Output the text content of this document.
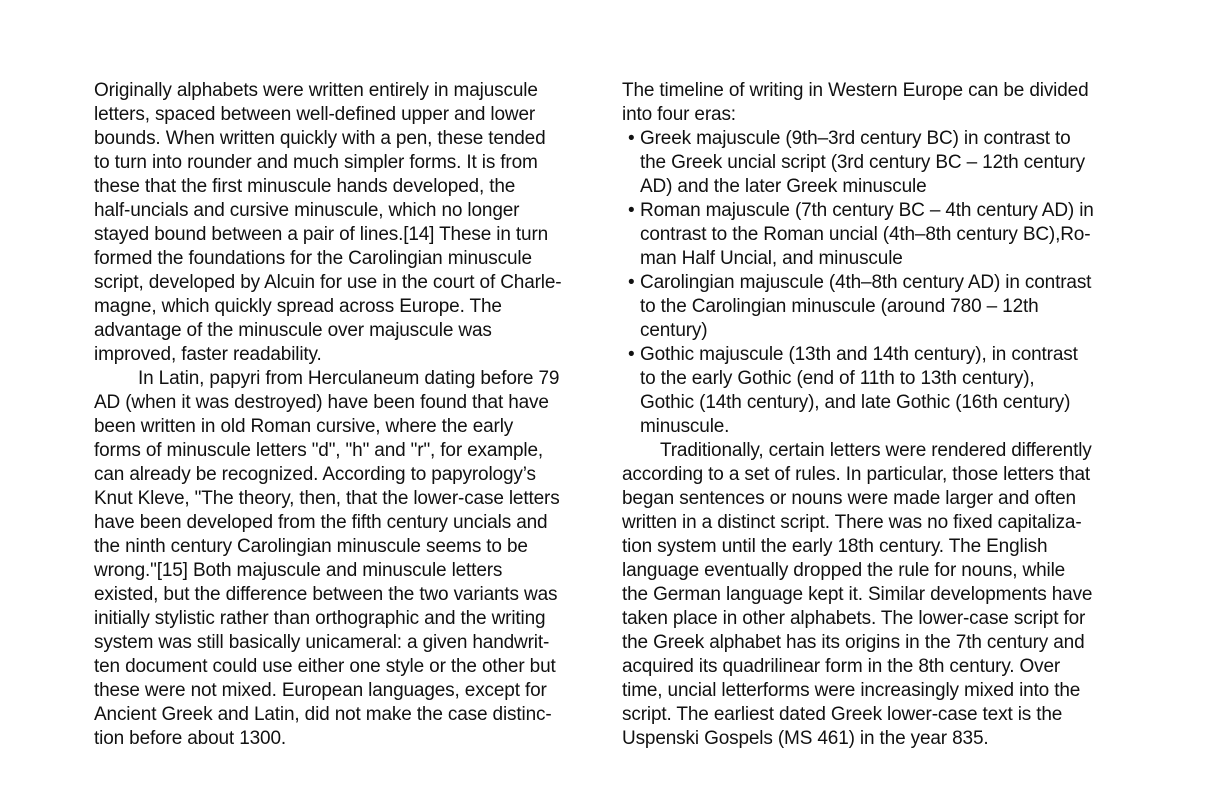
Originally alphabets were written entirely in majuscule
letters, spaced between well-defined upper and lower
bounds. When written quickly with a pen, these tended
to turn into rounder and much simpler forms. It is from
these that the first minuscule hands developed, the
half-uncials and cursive minuscule, which no longer
stayed bound between a pair of lines.[14] These in turn
formed the foundations for the Carolingian minuscule
script, developed by Alcuin for use in the court of Charle-
magne, which quickly spread across Europe. The
advantage of the minuscule over majuscule was
improved, faster readability.
In Latin, papyri from Herculaneum dating before 79
AD (when it was destroyed) have been found that have
been written in old Roman cursive, where the early
forms of minuscule letters "d", "h" and "r", for example,
can already be recognized. According to papyrology’s
Knut Kleve, "The theory, then, that the lower-case letters
have been developed from the fifth century uncials and
the ninth century Carolingian minuscule seems to be
wrong."[15] Both majuscule and minuscule letters
existed, but the difference between the two variants was
initially stylistic rather than orthographic and the writing
system was still basically unicameral: a given handwrit-
ten document could use either one style or the other but
these were not mixed. European languages, except for
Ancient Greek and Latin, did not make the case distinc-
tion before about 1300.
The timeline of writing in Western Europe can be divided
into four eras:
• Greek majuscule (9th–3rd century BC) in contrast to
the Greek uncial script (3rd century BC – 12th century
AD) and the later Greek minuscule
• Roman majuscule (7th century BC – 4th century AD) in
contrast to the Roman uncial (4th–8th century BC),Ro-
man Half Uncial, and minuscule
• Carolingian majuscule (4th–8th century AD) in contrast
to the Carolingian minuscule (around 780 – 12th
century)
• Gothic majuscule (13th and 14th century), in contrast
to the early Gothic (end of 11th to 13th century),
Gothic (14th century), and late Gothic (16th century)
minuscule.
Traditionally, certain letters were rendered differently
according to a set of rules. In particular, those letters that
began sentences or nouns were made larger and often
written in a distinct script. There was no fixed capitaliza-
tion system until the early 18th century. The English
language eventually dropped the rule for nouns, while
the German language kept it. Similar developments have
taken place in other alphabets. The lower-case script for
the Greek alphabet has its origins in the 7th century and
acquired its quadrilinear form in the 8th century. Over
time, uncial letterforms were increasingly mixed into the
script. The earliest dated Greek lower-case text is the
Uspenski Gospels (MS 461) in the year 835.
